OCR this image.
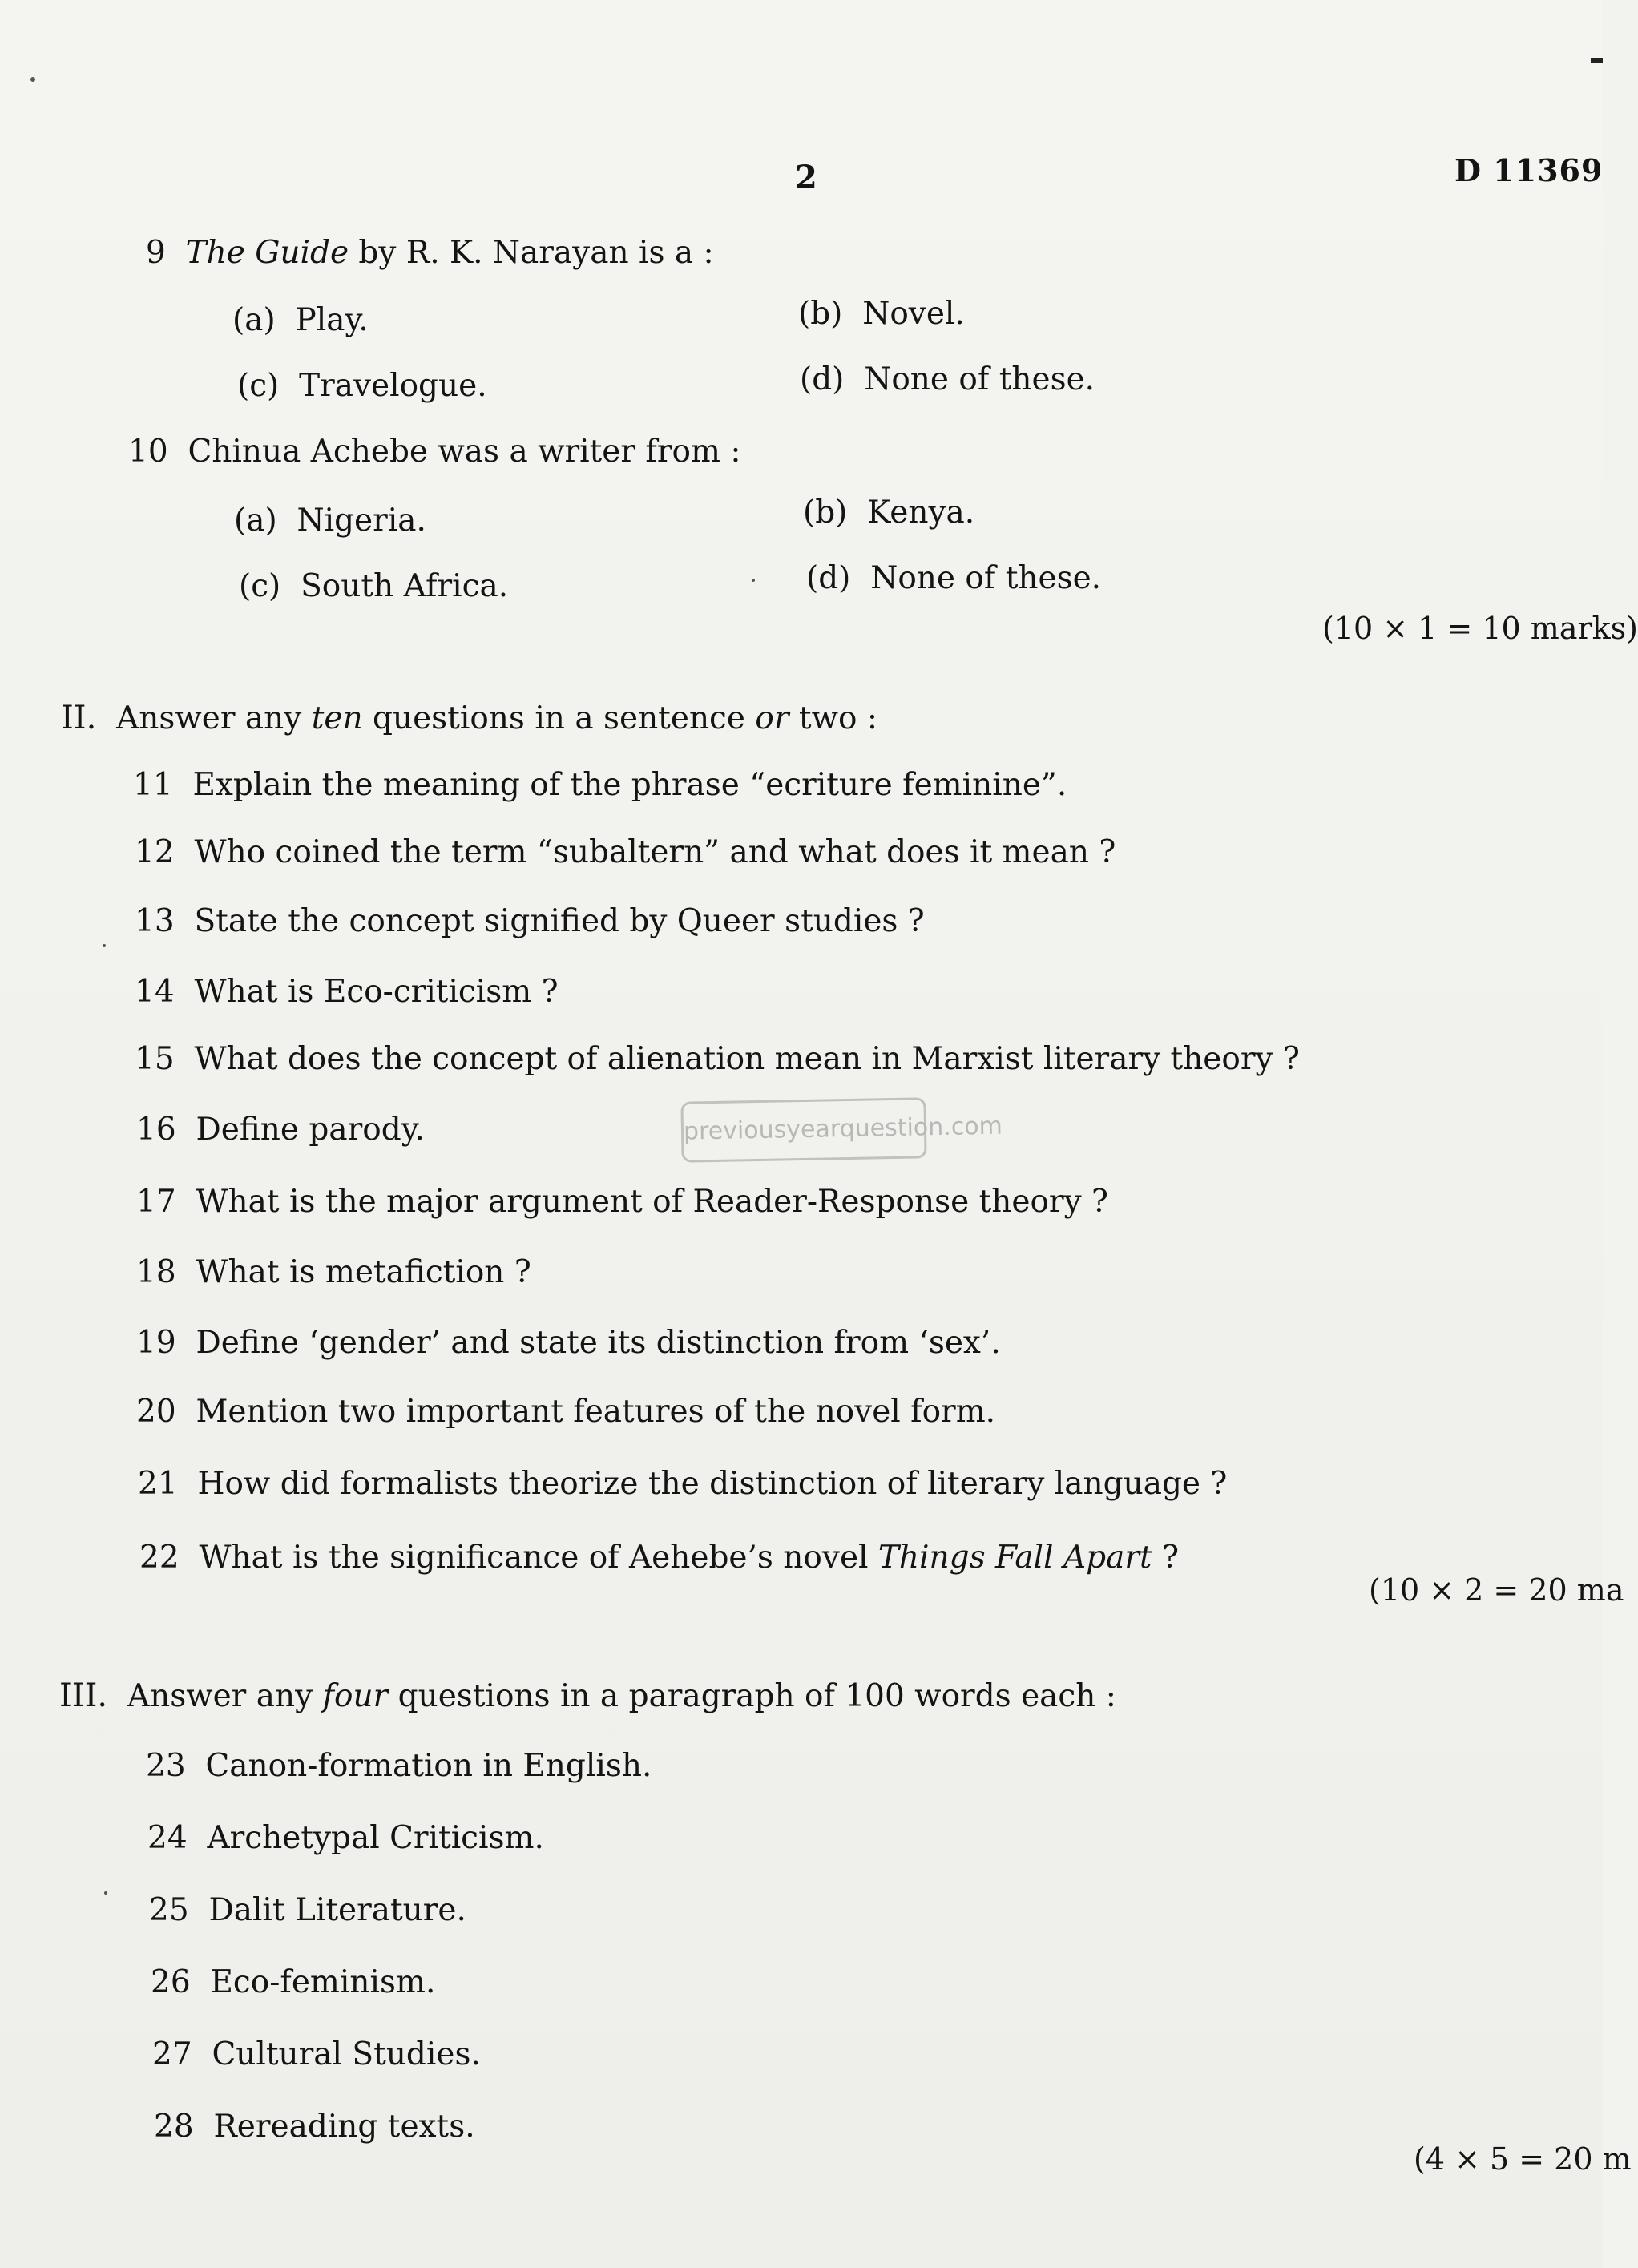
2	D 11369
9 The Guide by R. K. Narayan is a :
(a) Play.	(b) Novel.
(c) Travelogue.	(d) None of these.
10 Chinua Achebe was a writer from :
(a) Nigeria.	(b) Kenya.
(c) South Africa.	(d) None of these.
(10 × 1 = 10 marks)
II. Answer any ten questions in a sentence or two :
11 Explain the meaning of the phrase “ecriture feminine”.
12 Who coined the term “subaltern” and what does it mean ?
13 State the concept signified by Queer studies ?
14 What is Eco-criticism ?
15 What does the concept of alienation mean in Marxist literary theory ?
16 Define parody.
17 What is the major argument of Reader-Response theory ?
18 What is metafiction ?
19 Define ‘gender’ and state its distinction from ‘sex’.
20 Mention two important features of the novel form.
21 How did formalists theorize the distinction of literary language ?
22 What is the significance of Aehebe’s novel Things Fall Apart ?
(10 × 2 = 20 ma
III. Answer any four questions in a paragraph of 100 words each :
23 Canon-formation in English.
24 Archetypal Criticism.
25 Dalit Literature.
26 Eco-feminism.
27 Cultural Studies.
28 Rereading texts.
(4 × 5 = 20 m
previousyearquestion.com
